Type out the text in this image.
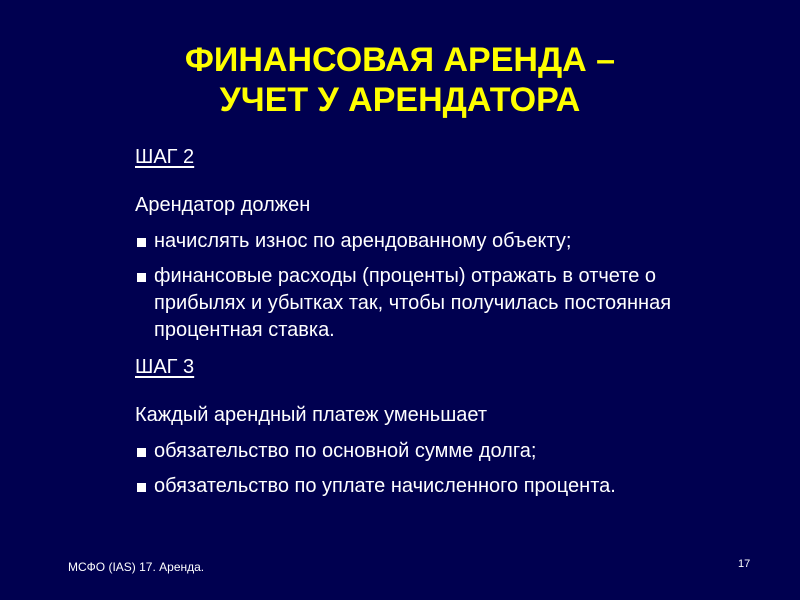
ФИНАНСОВАЯ АРЕНДА –
УЧЕТ У АРЕНДАТОРА
ШАГ 2
Арендатор должен
начислять износ по арендованному объекту;
финансовые расходы (проценты) отражать в отчете о прибылях и убытках так, чтобы получилась постоянная процентная ставка.
ШАГ 3
Каждый арендный платеж уменьшает
обязательство по основной сумме долга;
обязательство по уплате начисленного процента.
МСФО (IAS) 17. Аренда.	17
